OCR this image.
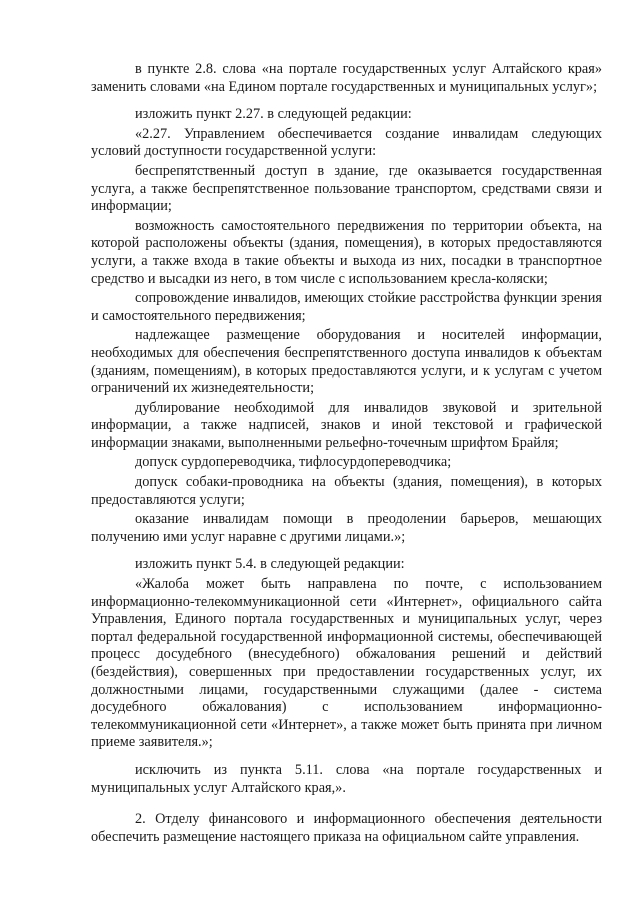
в пункте 2.8. слова «на портале государственных услуг Алтайского края» заменить словами «на Едином портале государственных и муниципальных услуг»;

изложить пункт 2.27. в следующей редакции:

«2.27. Управлением обеспечивается создание инвалидам следующих условий доступности государственной услуги:

беспрепятственный доступ в здание, где оказывается государственная услуга, а также беспрепятственное пользование транспортом, средствами связи и информации;

возможность самостоятельного передвижения по территории объекта, на которой расположены объекты (здания, помещения), в которых предоставляются услуги, а также входа в такие объекты и выхода из них, посадки в транспортное средство и высадки из него, в том числе с использованием кресла-коляски;

сопровождение инвалидов, имеющих стойкие расстройства функции зрения и самостоятельного передвижения;

надлежащее размещение оборудования и носителей информации, необходимых для обеспечения беспрепятственного доступа инвалидов к объектам (зданиям, помещениям), в которых предоставляются услуги, и к услугам с учетом ограничений их жизнедеятельности;

дублирование необходимой для инвалидов звуковой и зрительной информации, а также надписей, знаков и иной текстовой и графической информации знаками, выполненными рельефно-точечным шрифтом Брайля;

допуск сурдопереводчика, тифлосурдопереводчика;

допуск собаки-проводника на объекты (здания, помещения), в которых предоставляются услуги;

оказание инвалидам помощи в преодолении барьеров, мешающих получению ими услуг наравне с другими лицами.»;

изложить пункт 5.4. в следующей редакции:

«Жалоба может быть направлена по почте, с использованием информационно-телекоммуникационной сети «Интернет», официального сайта Управления, Единого портала государственных и муниципальных услуг, через портал федеральной государственной информационной системы, обеспечивающей процесс досудебного (внесудебного) обжалования решений и действий (бездействия), совершенных при предоставлении государственных услуг, их должностными лицами, государственными служащими (далее - система досудебного обжалования) с использованием информационно-телекоммуникационной сети «Интернет», а также может быть принята при личном приеме заявителя.»;

исключить из пункта 5.11. слова «на портале государственных и муниципальных услуг Алтайского края,».

2. Отделу финансового и информационного обеспечения деятельности обеспечить размещение настоящего приказа на официальном сайте управления.
